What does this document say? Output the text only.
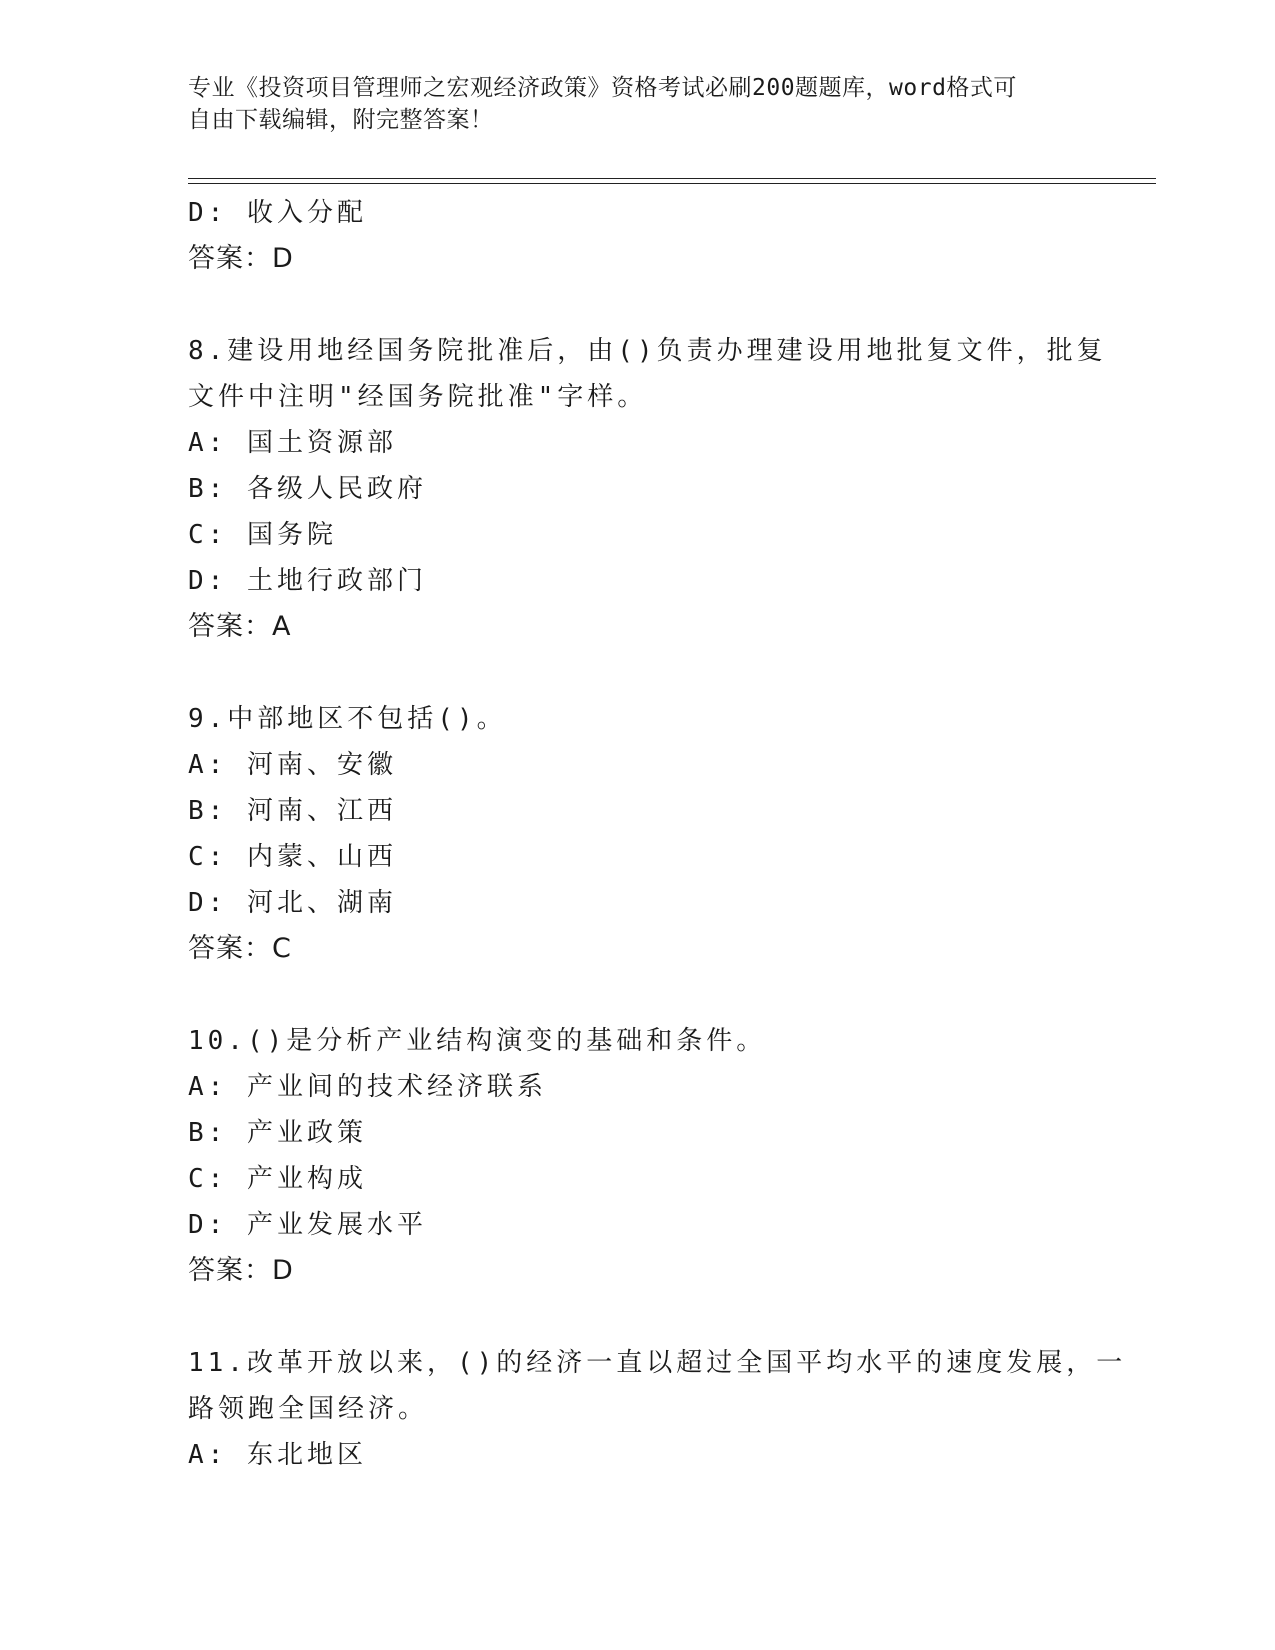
专业《投资项目管理师之宏观经济政策》资格考试必刷200题题库，word格式可
自由下载编辑，附完整答案！
D: 收入分配
答案：D
8.建设用地经国务院批准后，由()负责办理建设用地批复文件，批复
文件中注明"经国务院批准"字样。
A: 国土资源部
B: 各级人民政府
C: 国务院
D: 土地行政部门
答案：A
9.中部地区不包括()。
A: 河南、安徽
B: 河南、江西
C: 内蒙、山西
D: 河北、湖南
答案：C
10.()是分析产业结构演变的基础和条件。
A: 产业间的技术经济联系
B: 产业政策
C: 产业构成
D: 产业发展水平
答案：D
11.改革开放以来，()的经济一直以超过全国平均水平的速度发展，一
路领跑全国经济。
A: 东北地区
